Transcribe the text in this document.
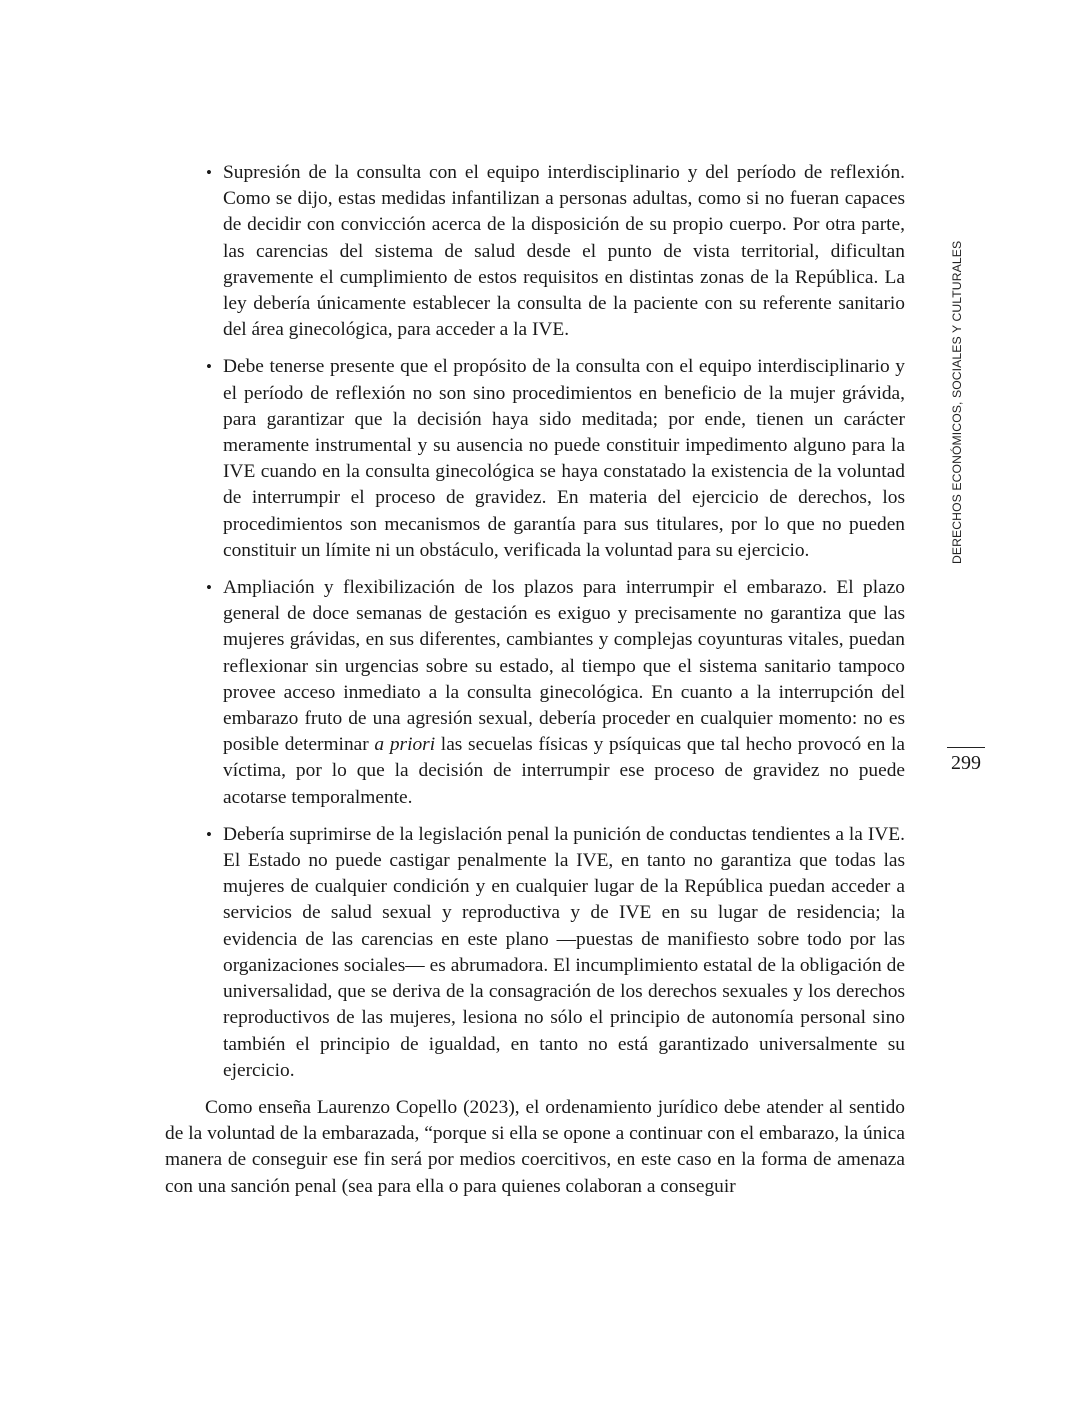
• Supresión de la consulta con el equipo interdisciplinario y del período de reflexión. Como se dijo, estas medidas infantilizan a personas adultas, como si no fueran capaces de decidir con convicción acerca de la disposición de su propio cuerpo. Por otra parte, las carencias del sistema de salud desde el punto de vista territorial, dificultan gravemente el cumplimiento de estos requisitos en distintas zonas de la República. La ley debería únicamente establecer la consulta de la paciente con su referente sanitario del área ginecológica, para acceder a la IVE.
• Debe tenerse presente que el propósito de la consulta con el equipo interdisciplinario y el período de reflexión no son sino procedimientos en beneficio de la mujer grávida, para garantizar que la decisión haya sido meditada; por ende, tienen un carácter meramente instrumental y su ausencia no puede constituir impedimento alguno para la IVE cuando en la consulta ginecológica se haya constatado la existencia de la voluntad de interrumpir el proceso de gravidez. En materia del ejercicio de derechos, los procedimientos son mecanismos de garantía para sus titulares, por lo que no pueden constituir un límite ni un obstáculo, verificada la voluntad para su ejercicio.
• Ampliación y flexibilización de los plazos para interrumpir el embarazo. El plazo general de doce semanas de gestación es exiguo y precisamente no garantiza que las mujeres grávidas, en sus diferentes, cambiantes y complejas coyunturas vitales, puedan reflexionar sin urgencias sobre su estado, al tiempo que el sistema sanitario tampoco provee acceso inmediato a la consulta ginecológica. En cuanto a la interrupción del embarazo fruto de una agresión sexual, debería proceder en cualquier momento: no es posible determinar a priori las secuelas físicas y psíquicas que tal hecho provocó en la víctima, por lo que la decisión de interrumpir ese proceso de gravidez no puede acotarse temporalmente.
• Debería suprimirse de la legislación penal la punición de conductas tendientes a la IVE. El Estado no puede castigar penalmente la IVE, en tanto no garantiza que todas las mujeres de cualquier condición y en cualquier lugar de la República puedan acceder a servicios de salud sexual y reproductiva y de IVE en su lugar de residencia; la evidencia de las carencias en este plano —puestas de manifiesto sobre todo por las organizaciones sociales— es abrumadora. El incumplimiento estatal de la obligación de universalidad, que se deriva de la consagración de los derechos sexuales y los derechos reproductivos de las mujeres, lesiona no sólo el principio de autonomía personal sino también el principio de igualdad, en tanto no está garantizado universalmente su ejercicio.

Como enseña Laurenzo Copello (2023), el ordenamiento jurídico debe atender al sentido de la voluntad de la embarazada, “porque si ella se opone a continuar con el embarazo, la única manera de conseguir ese fin será por medios coercitivos, en este caso en la forma de amenaza con una sanción penal (sea para ella o para quienes colaboran a conseguir

DERECHOS ECONÓMICOS, SOCIALES Y CULTURALES
299
